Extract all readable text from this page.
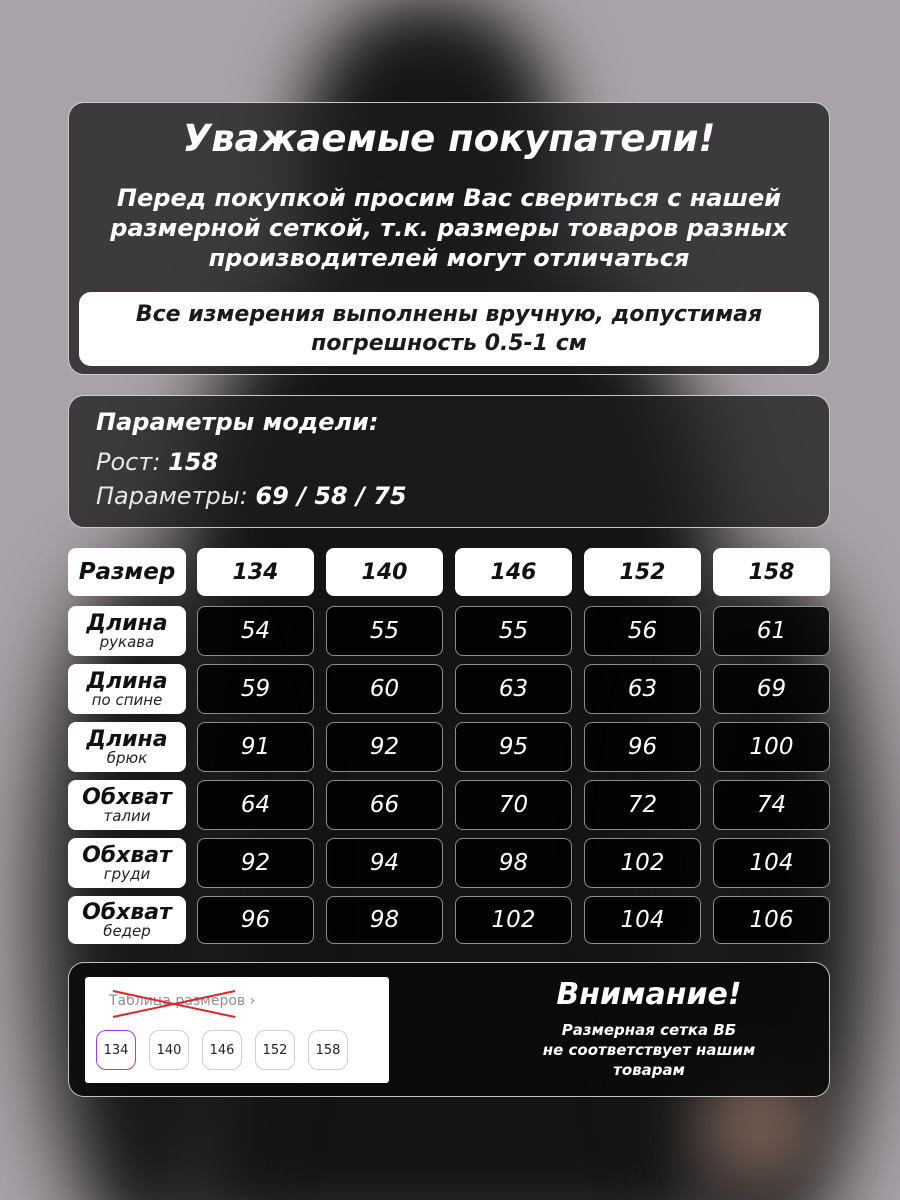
Уважаемые покупатели!
Перед покупкой просим Вас свериться с нашей
размерной сеткой, т.к. размеры товаров разных
производителей могут отличаться
Все измерения выполнены вручную, допустимая
погрешность 0.5-1 см
Параметры модели:
Рост: 158
Параметры: 69 / 58 / 75
Размер	134	140	146	152	158
Длина
рукава	54	55	55	56	61
Длина
по спине	59	60	63	63	69
Длина
брюк	91	92	95	96	100
Обхват
талии	64	66	70	72	74
Обхват
груди	92	94	98	102	104
Обхват
бедер	96	98	102	104	106
Таблица размеров ›
134	140	146	152	158
Внимание!
Размерная сетка ВБ
не соответствует нашим
товарам
